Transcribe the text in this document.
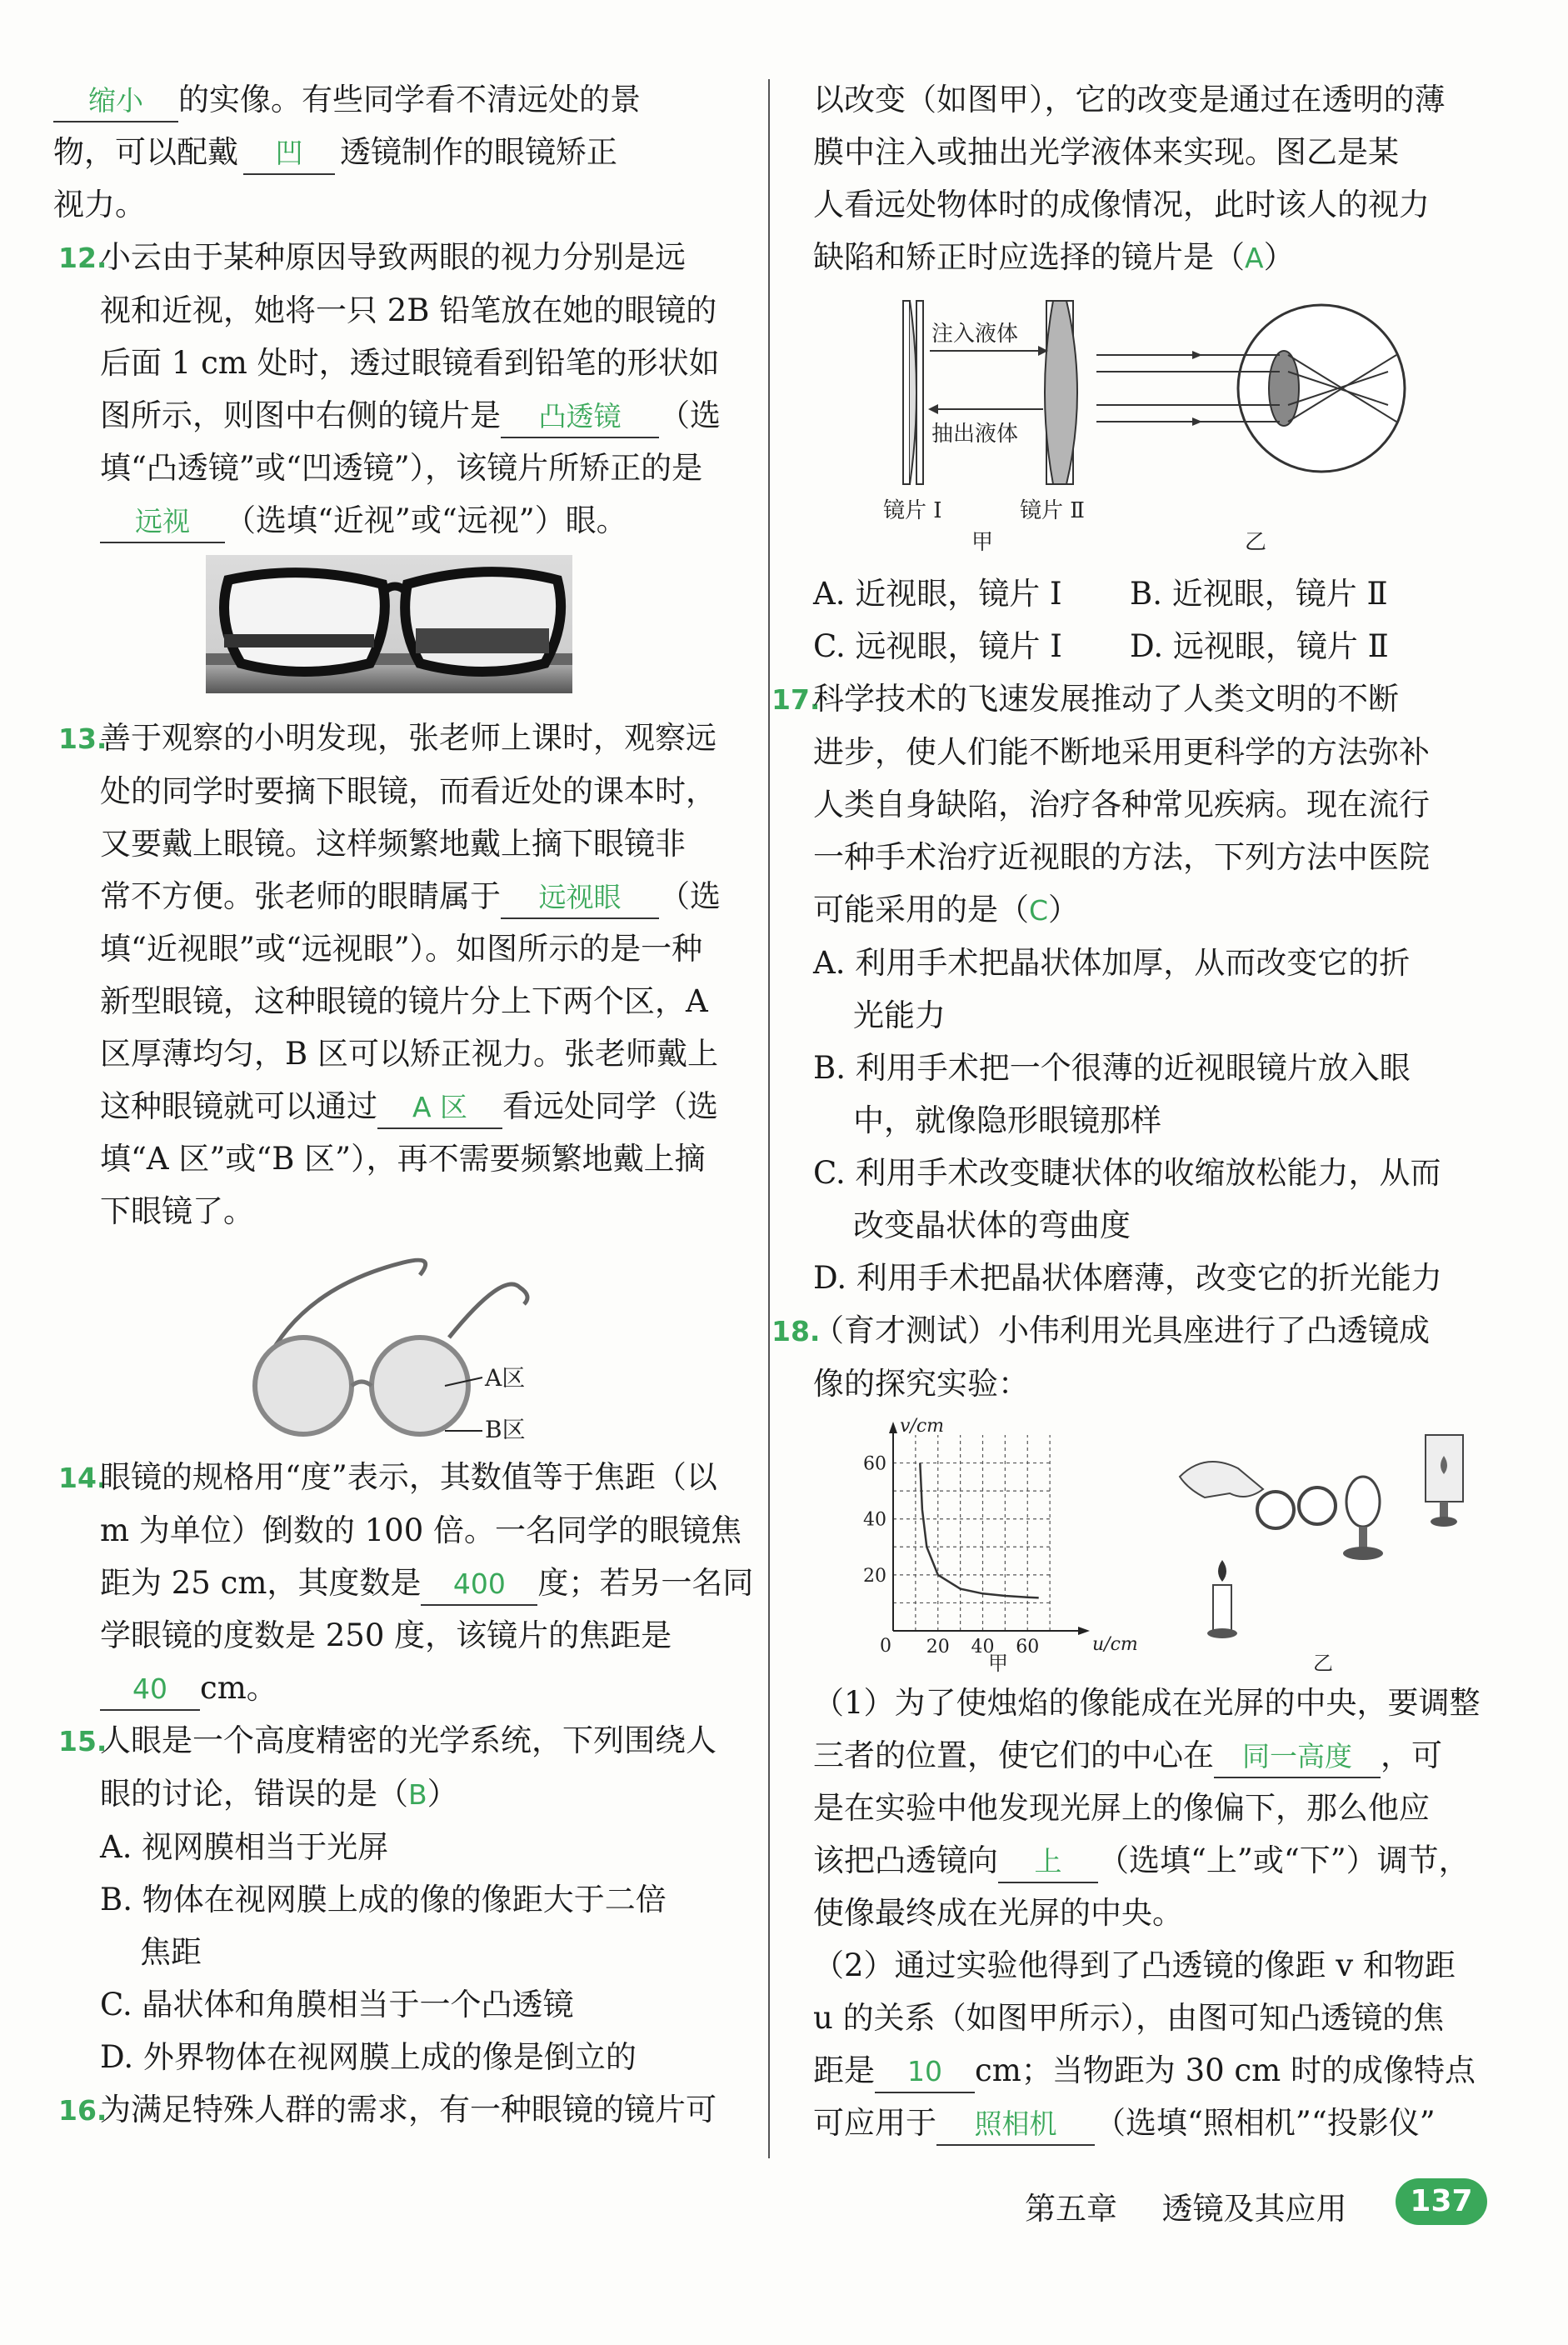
缩小 的实像。有些同学看不清远处的景
物，可以配戴 凹 透镜制作的眼镜矫正
视力。
12.小云由于某种原因导致两眼的视力分别是远
视和近视，她将一只 2B 铅笔放在她的眼镜的
后面 1 cm 处时，透过眼镜看到铅笔的形状如
图所示，则图中右侧的镜片是 凸透镜 （选
填“凸透镜”或“凹透镜”），该镜片所矫正的是
远视 （选填“近视”或“远视”）眼。
13.善于观察的小明发现，张老师上课时，观察远
处的同学时要摘下眼镜，而看近处的课本时，
又要戴上眼镜。这样频繁地戴上摘下眼镜非
常不方便。张老师的眼睛属于 远视眼 （选
填“近视眼”或“远视眼”）。如图所示的是一种
新型眼镜，这种眼镜的镜片分上下两个区，A
区厚薄均匀，B 区可以矫正视力。张老师戴上
这种眼镜就可以通过 A 区 看远处同学（选
填“A 区”或“B 区”），再不需要频繁地戴上摘
下眼镜了。
A区
B区
14.眼镜的规格用“度”表示，其数值等于焦距（以
m 为单位）倒数的 100 倍。一名同学的眼镜焦
距为 25 cm，其度数是 400 度；若另一名同
学眼镜的度数是 250 度，该镜片的焦距是
40 cm。
15.人眼是一个高度精密的光学系统，下列围绕人
眼的讨论，错误的是（B）
A. 视网膜相当于光屏
B. 物体在视网膜上成的像的像距大于二倍
焦距
C. 晶状体和角膜相当于一个凸透镜
D. 外界物体在视网膜上成的像是倒立的
16.为满足特殊人群的需求，有一种眼镜的镜片可
以改变（如图甲），它的改变是通过在透明的薄
膜中注入或抽出光学液体来实现。图乙是某
人看远处物体时的成像情况，此时该人的视力
缺陷和矫正时应选择的镜片是（A）
注入液体
抽出液体
镜片 Ⅰ	镜片 Ⅱ
甲	乙
A. 近视眼，镜片 Ⅰ	B. 近视眼，镜片 Ⅱ
C. 远视眼，镜片 Ⅰ	D. 远视眼，镜片 Ⅱ
17.科学技术的飞速发展推动了人类文明的不断
进步，使人们能不断地采用更科学的方法弥补
人类自身缺陷，治疗各种常见疾病。现在流行
一种手术治疗近视眼的方法，下列方法中医院
可能采用的是（C）
A. 利用手术把晶状体加厚，从而改变它的折
光能力
B. 利用手术把一个很薄的近视眼镜片放入眼
中，就像隐形眼镜那样
C. 利用手术改变睫状体的收缩放松能力，从而
改变晶状体的弯曲度
D. 利用手术把晶状体磨薄，改变它的折光能力
18.（育才测试）小伟利用光具座进行了凸透镜成
像的探究实验：
v/cm
u/cm
0 20 40 60
20
40
60
甲	乙
（1）为了使烛焰的像能成在光屏的中央，要调整
三者的位置，使它们的中心在 同一高度 ，可
是在实验中他发现光屏上的像偏下，那么他应
该把凸透镜向 上 （选填“上”或“下”）调节，
使像最终成在光屏的中央。
（2）通过实验他得到了凸透镜的像距 v 和物距
u 的关系（如图甲所示），由图可知凸透镜的焦
距是 10 cm；当物距为 30 cm 时的成像特点
可应用于 照相机 （选填“照相机”“投影仪”
第五章 透镜及其应用	137
